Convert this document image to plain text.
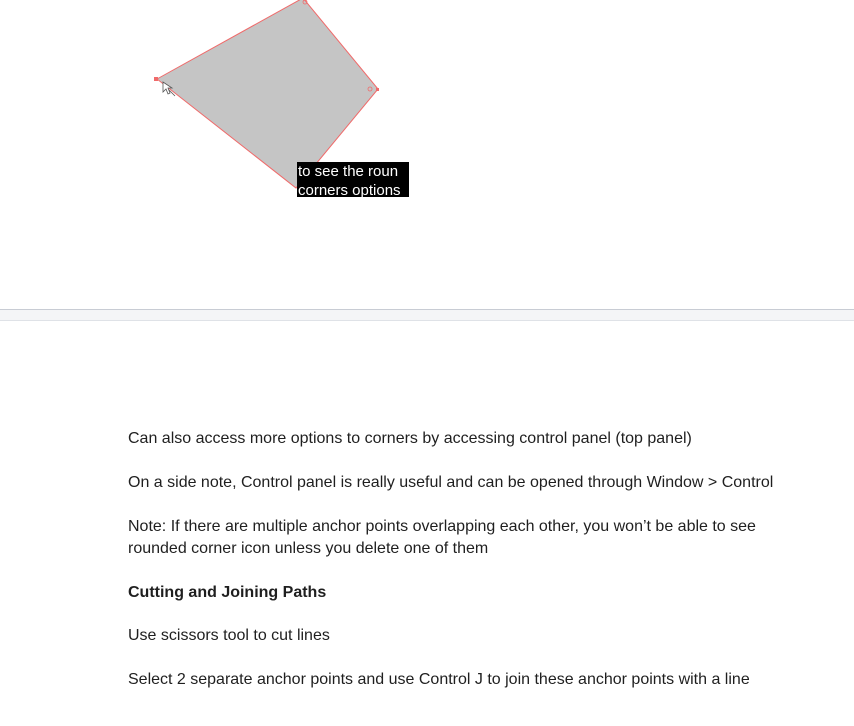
to see the roun
corners options

Can also access more options to corners by accessing control panel (top panel)

On a side note, Control panel is really useful and can be opened through Window > Control

Note: If there are multiple anchor points overlapping each other, you won’t be able to see rounded corner icon unless you delete one of them

Cutting and Joining Paths

Use scissors tool to cut lines

Select 2 separate anchor points and use Control J to join these anchor points with a line
